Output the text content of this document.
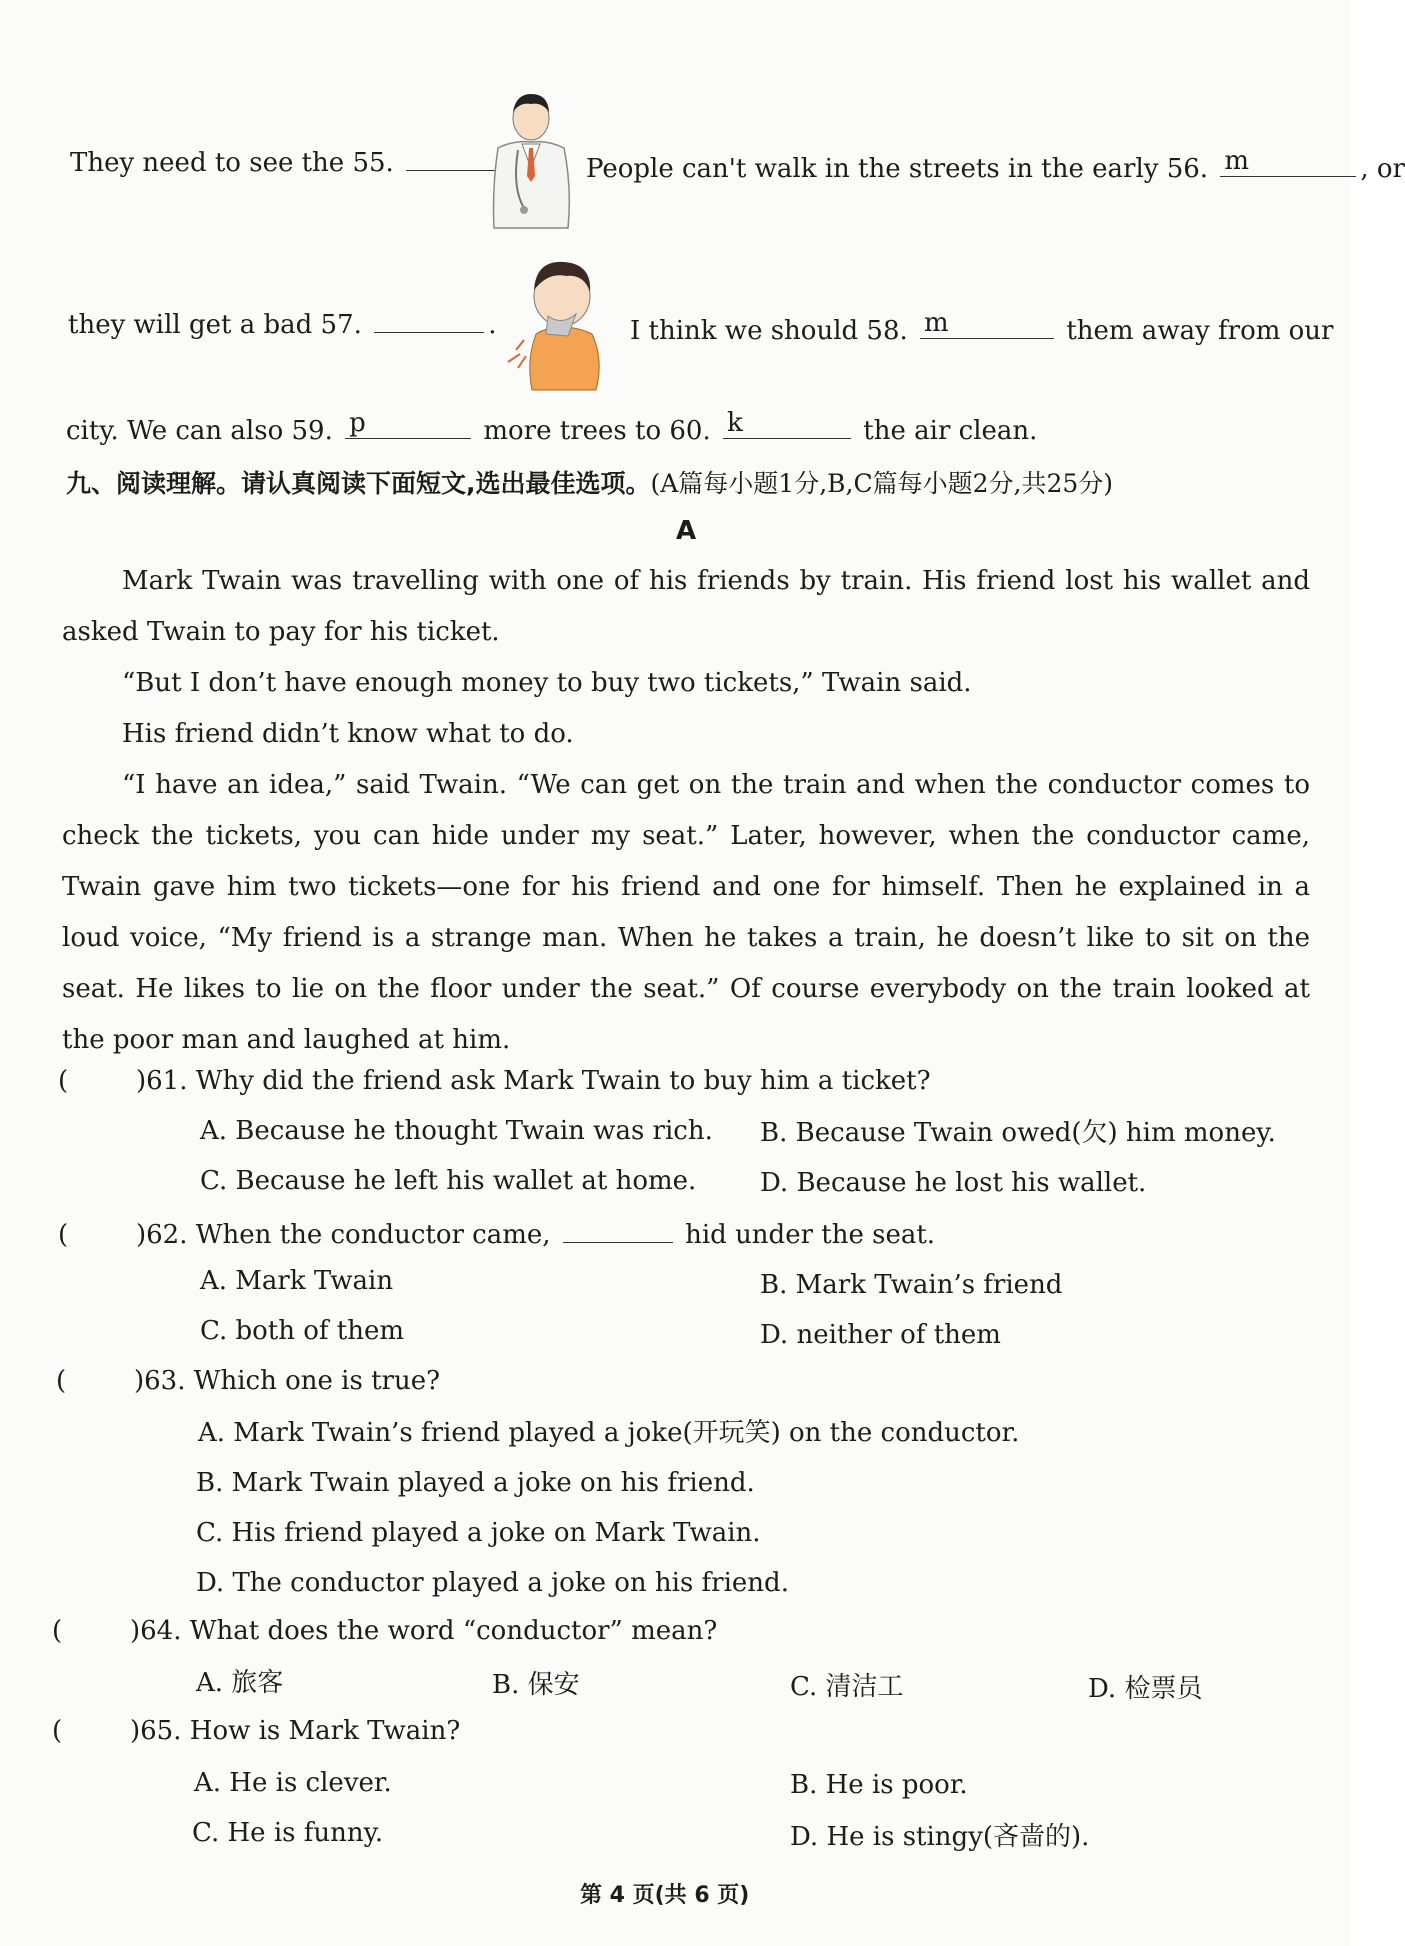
They need to see the 55.	People can't walk in the streets in the early 56. m	, or
they will get a bad 57.	.	I think we should 58. m	them away from our
city. We can also 59. p	more trees to 60. k	the air clean.
九、阅读理解。请认真阅读下面短文,选出最佳选项。(A篇每小题1分,B,C篇每小题2分,共25分)
A

Mark Twain was travelling with one of his friends by train. His friend lost his wallet and asked Twain to pay for his ticket.

“But I don’t have enough money to buy two tickets,” Twain said.

His friend didn’t know what to do.

“I have an idea,” said Twain. “We can get on the train and when the conductor comes to check the tickets, you can hide under my seat.” Later, however, when the conductor came, Twain gave him two tickets—one for his friend and one for himself. Then he explained in a loud voice, “My friend is a strange man. When he takes a train, he doesn’t like to sit on the seat. He likes to lie on the floor under the seat.” Of course everybody on the train looked at the poor man and laughed at him.

(	)61. Why did the friend ask Mark Twain to buy him a ticket?
A. Because he thought Twain was rich. B. Because Twain owed(欠) him money.
C. Because he left his wallet at home. D. Because he lost his wallet.
(	)62. When the conductor came,	hid under the seat.
A. Mark Twain	B. Mark Twain’s friend
C. both of them	D. neither of them
(	)63. Which one is true?
A. Mark Twain’s friend played a joke(开玩笑) on the conductor.
B. Mark Twain played a joke on his friend.
C. His friend played a joke on Mark Twain.
D. The conductor played a joke on his friend.
(	)64. What does the word “conductor” mean?
A. 旅客	B. 保安	C. 清洁工	D. 检票员
(	)65. How is Mark Twain?
A. He is clever.	B. He is poor.
C. He is funny.	D. He is stingy(吝啬的).
第 4 页(共 6 页)
